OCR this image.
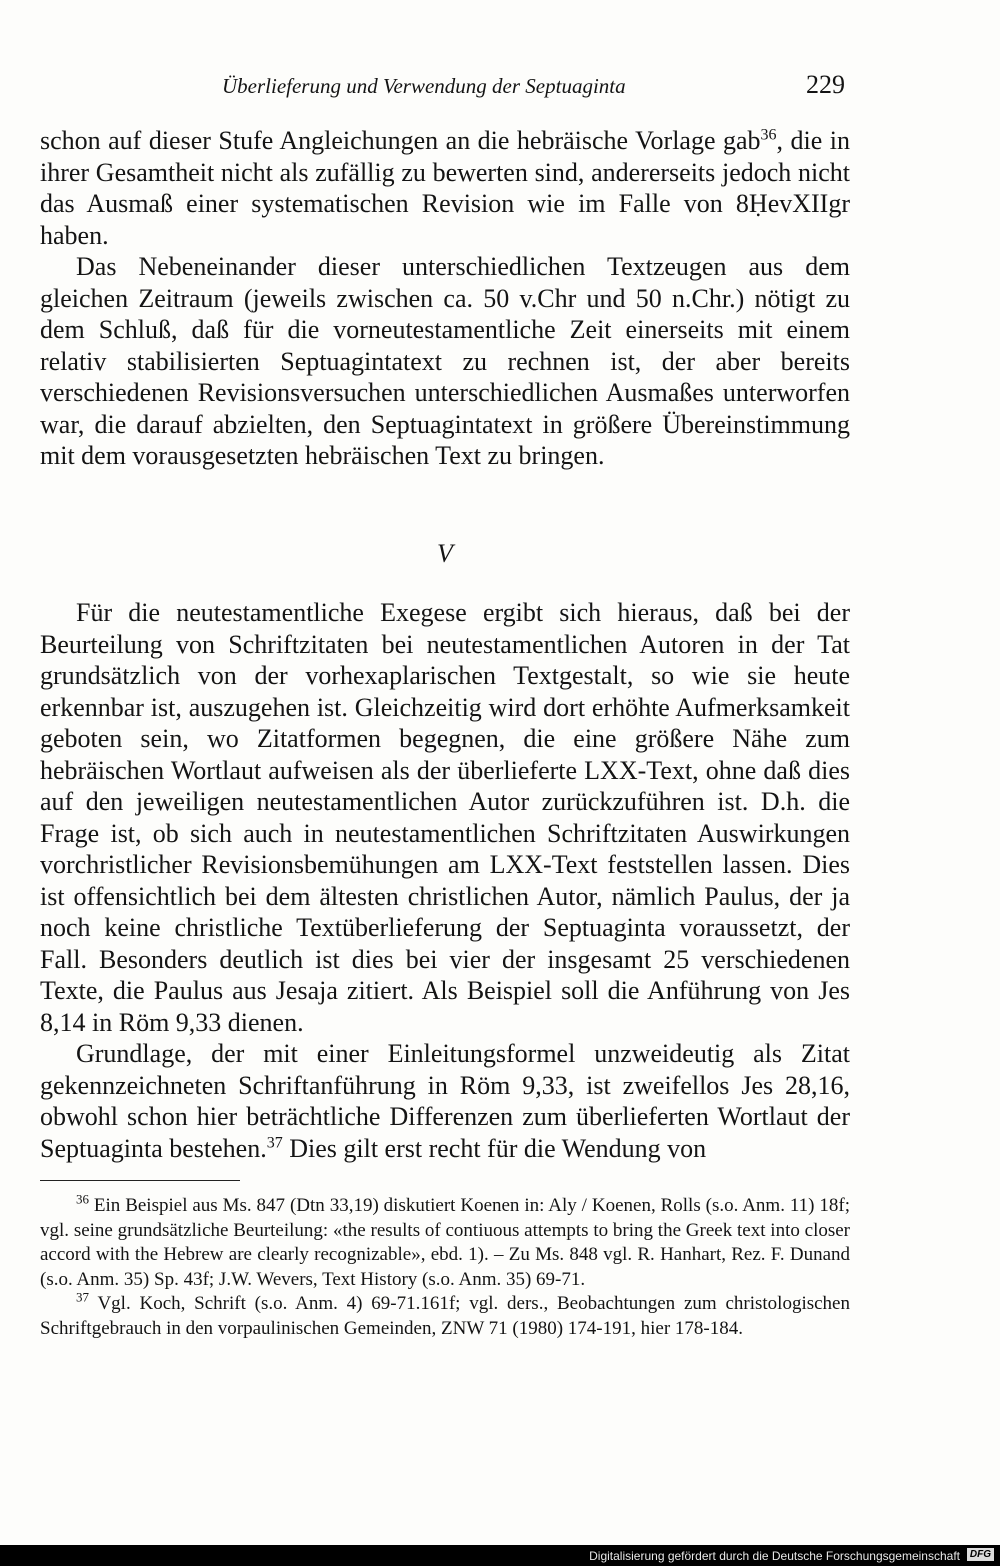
Überlieferung und Verwendung der Septuaginta	229

schon auf dieser Stufe Angleichungen an die hebräische Vorlage gab$^{36}$, die in ihrer Gesamtheit nicht als zufällig zu bewerten sind, andererseits jedoch nicht das Ausmaß einer systematischen Revision wie im Falle von 8ḤevXIIgr haben.

Das Nebeneinander dieser unterschiedlichen Textzeugen aus dem gleichen Zeitraum (jeweils zwischen ca. 50 v.Chr und 50 n.Chr.) nötigt zu dem Schluß, daß für die vorneutestamentliche Zeit einerseits mit einem relativ stabilisierten Septuagintatext zu rechnen ist, der aber bereits verschiedenen Revisionsversuchen unterschiedlichen Ausmaßes unterworfen war, die darauf abzielten, den Septuagintatext in größere Übereinstimmung mit dem vorausgesetzten hebräischen Text zu bringen.

V

Für die neutestamentliche Exegese ergibt sich hieraus, daß bei der Beurteilung von Schriftzitaten bei neutestamentlichen Autoren in der Tat grundsätzlich von der vorhexaplarischen Textgestalt, so wie sie heute erkennbar ist, auszugehen ist. Gleichzeitig wird dort erhöhte Aufmerksamkeit geboten sein, wo Zitatformen begegnen, die eine größere Nähe zum hebräischen Wortlaut aufweisen als der überlieferte LXX-Text, ohne daß dies auf den jeweiligen neutestamentlichen Autor zurückzuführen ist. D.h. die Frage ist, ob sich auch in neutestamentlichen Schriftzitaten Auswirkungen vorchristlicher Revisionsbemühungen am LXX-Text feststellen lassen. Dies ist offensichtlich bei dem ältesten christlichen Autor, nämlich Paulus, der ja noch keine christliche Textüberlieferung der Septuaginta voraussetzt, der Fall. Besonders deutlich ist dies bei vier der insgesamt 25 verschiedenen Texte, die Paulus aus Jesaja zitiert. Als Beispiel soll die Anführung von Jes 8,14 in Röm 9,33 dienen.

Grundlage, der mit einer Einleitungsformel unzweideutig als Zitat gekennzeichneten Schriftanführung in Röm 9,33, ist zweifellos Jes 28,16, obwohl schon hier beträchtliche Differenzen zum überlieferten Wortlaut der Septuaginta bestehen.$^{37}$ Dies gilt erst recht für die Wendung von

$^{36}$ Ein Beispiel aus Ms. 847 (Dtn 33,19) diskutiert Koenen in: Aly / Koenen, Rolls (s.o. Anm. 11) 18f; vgl. seine grundsätzliche Beurteilung: «the results of contiuous attempts to bring the Greek text into closer accord with the Hebrew are clearly recognizable», ebd. 1). – Zu Ms. 848 vgl. R. Hanhart, Rez. F. Dunand (s.o. Anm. 35) Sp. 43f; J.W. Wevers, Text History (s.o. Anm. 35) 69-71.

$^{37}$ Vgl. Koch, Schrift (s.o. Anm. 4) 69-71.161f; vgl. ders., Beobachtungen zum christologischen Schriftgebrauch in den vorpaulinischen Gemeinden, ZNW 71 (1980) 174-191, hier 178-184.

Digitalisierung gefördert durch die Deutsche Forschungsgemeinschaft DFG
